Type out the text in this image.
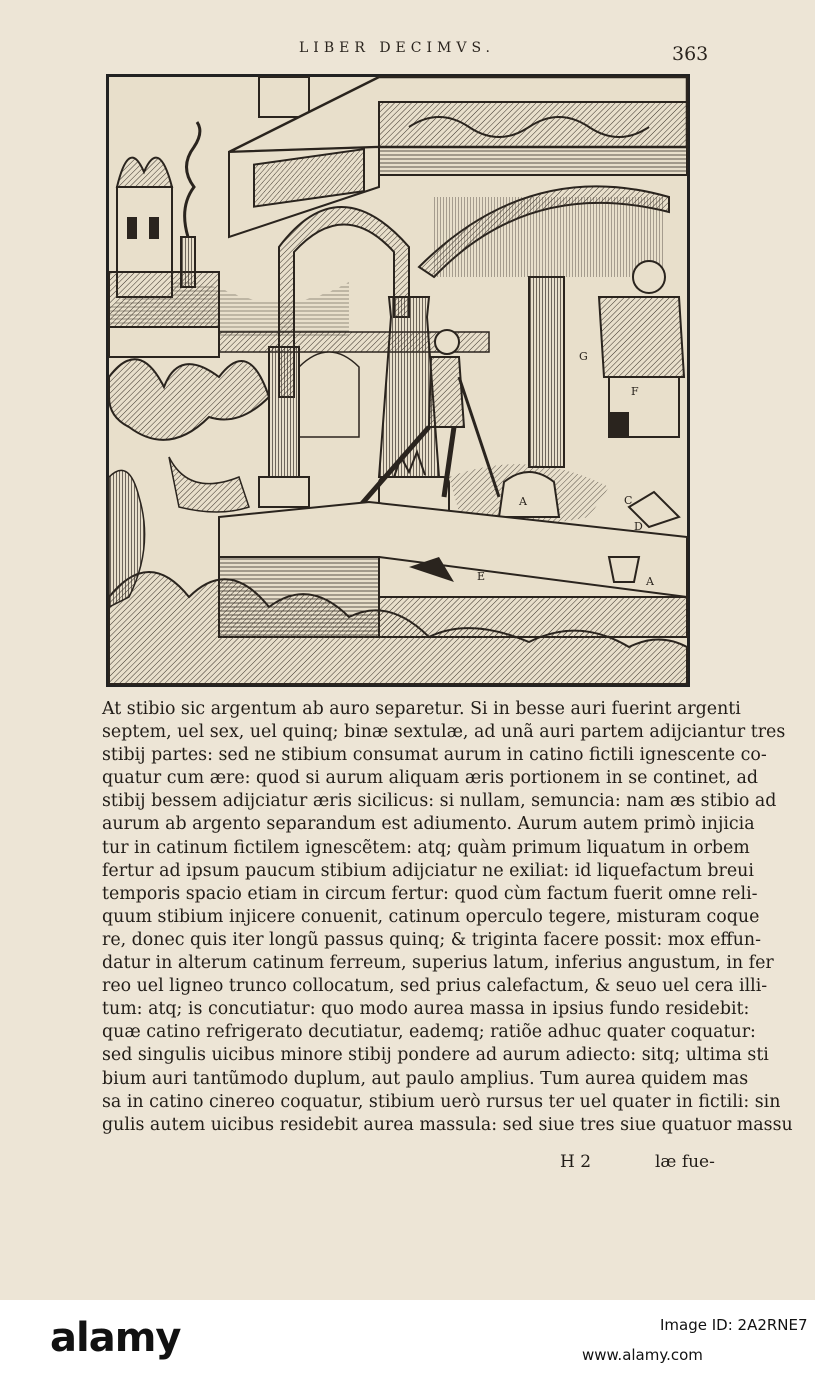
LIBER DECIMVS.	363
A
A
C
D
E
F
G
At stibio sic argentum ab auro separetur. Si in besse auri fuerint argenti
septem, uel sex, uel quinq; binæ sextulæ, ad unã auri partem adijciantur tres
stibij partes: sed ne stibium consumat aurum in catino fictili ignescente co-
quatur cum ære: quod si aurum aliquam æris portionem in se continet, ad
stibij bessem adijciatur æris sicilicus: si nullam, semuncia: nam æs stibio ad
aurum ab argento separandum est adiumento. Aurum autem primò injicia
tur in catinum fictilem ignescẽtem: atq; quàm primum liquatum in orbem
fertur ad ipsum paucum stibium adijciatur ne exiliat: id liquefactum breui
temporis spacio etiam in circum fertur: quod cùm factum fuerit omne reli-
quum stibium injicere conuenit, catinum operculo tegere, misturam coque
re, donec quis iter longũ passus quinq; & triginta facere possit: mox effun-
datur in alterum catinum ferreum, superius latum, inferius angustum, in fer
reo uel ligneo trunco collocatum, sed prius calefactum, & seuo uel cera illi-
tum: atq; is concutiatur: quo modo aurea massa in ipsius fundo residebit:
quæ catino refrigerato decutiatur, eademq; ratiõe adhuc quater coquatur:
sed singulis uicibus minore stibij pondere ad aurum adiecto: sitq; ultima sti
bium auri tantũmodo duplum, aut paulo amplius. Tum aurea quidem mas
sa in catino cinereo coquatur, stibium uerò rursus ter uel quater in fictili: sin
gulis autem uicibus residebit aurea massula: sed siue tres siue quatuor massu
H 2	læ fue-
alamy	Image ID: 2A2RNE7
www.alamy.com
